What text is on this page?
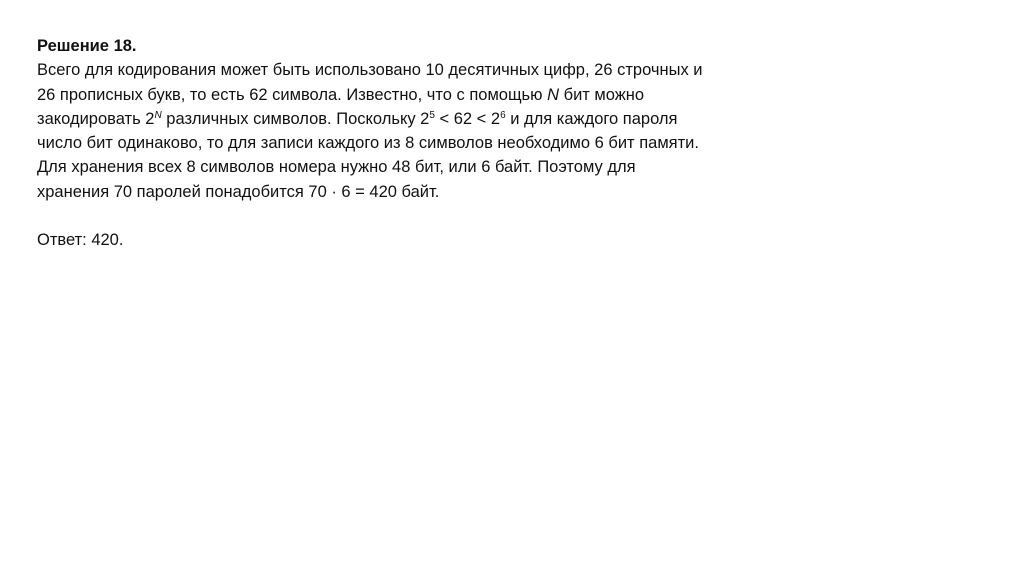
Решение 18.

Всего для кодирования может быть использовано 10 десятичных цифр, 26 строчных и
26 прописных букв, то есть 62 символа. Известно, что с помощью N бит можно
закодировать $2^N$ различных символов. Поскольку $2^5 < 62 < 2^6$ и для каждого пароля
число бит одинаково, то для записи каждого из 8 символов необходимо 6 бит памяти.
Для хранения всех 8 символов номера нужно 48 бит, или 6 байт. Поэтому для
хранения 70 паролей понадобится 70 · 6 = 420 байт.

Ответ: 420.
